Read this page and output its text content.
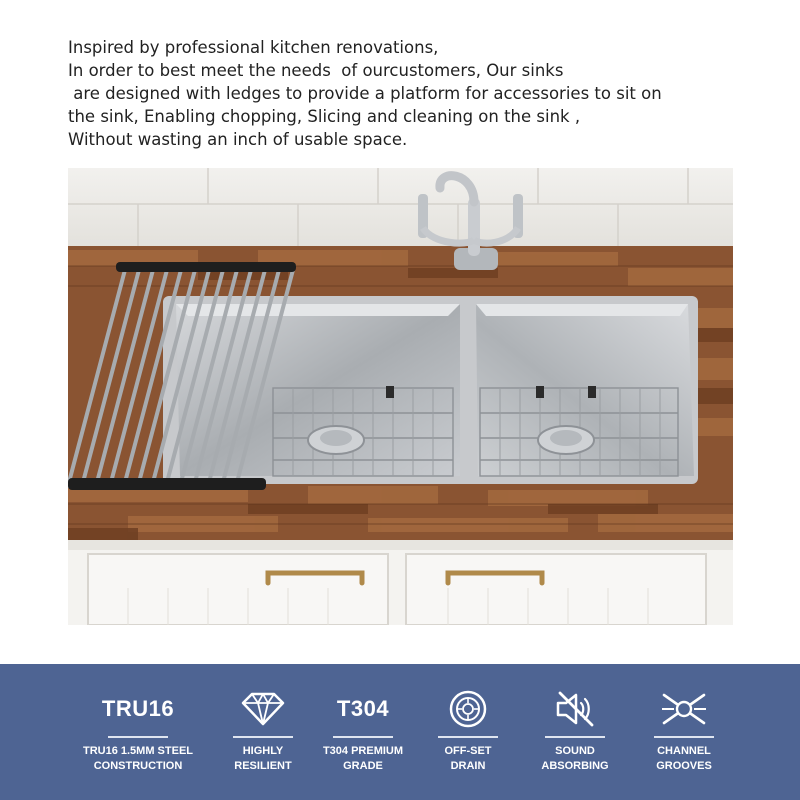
Inspired by professional kitchen renovations,
In order to best meet the needs  of ourcustomers, Our sinks
are designed with ledges to provide a platform for accessories to sit on
the sink, Enabling chopping, Slicing and cleaning on the sink ,
Without wasting an inch of usable space.
TRU16
TRU16 1.5MM STEEL
CONSTRUCTION
HIGHLY
RESILIENT
T304
T304 PREMIUM
GRADE
OFF-SET
DRAIN
SOUND
ABSORBING
CHANNEL
GROOVES
